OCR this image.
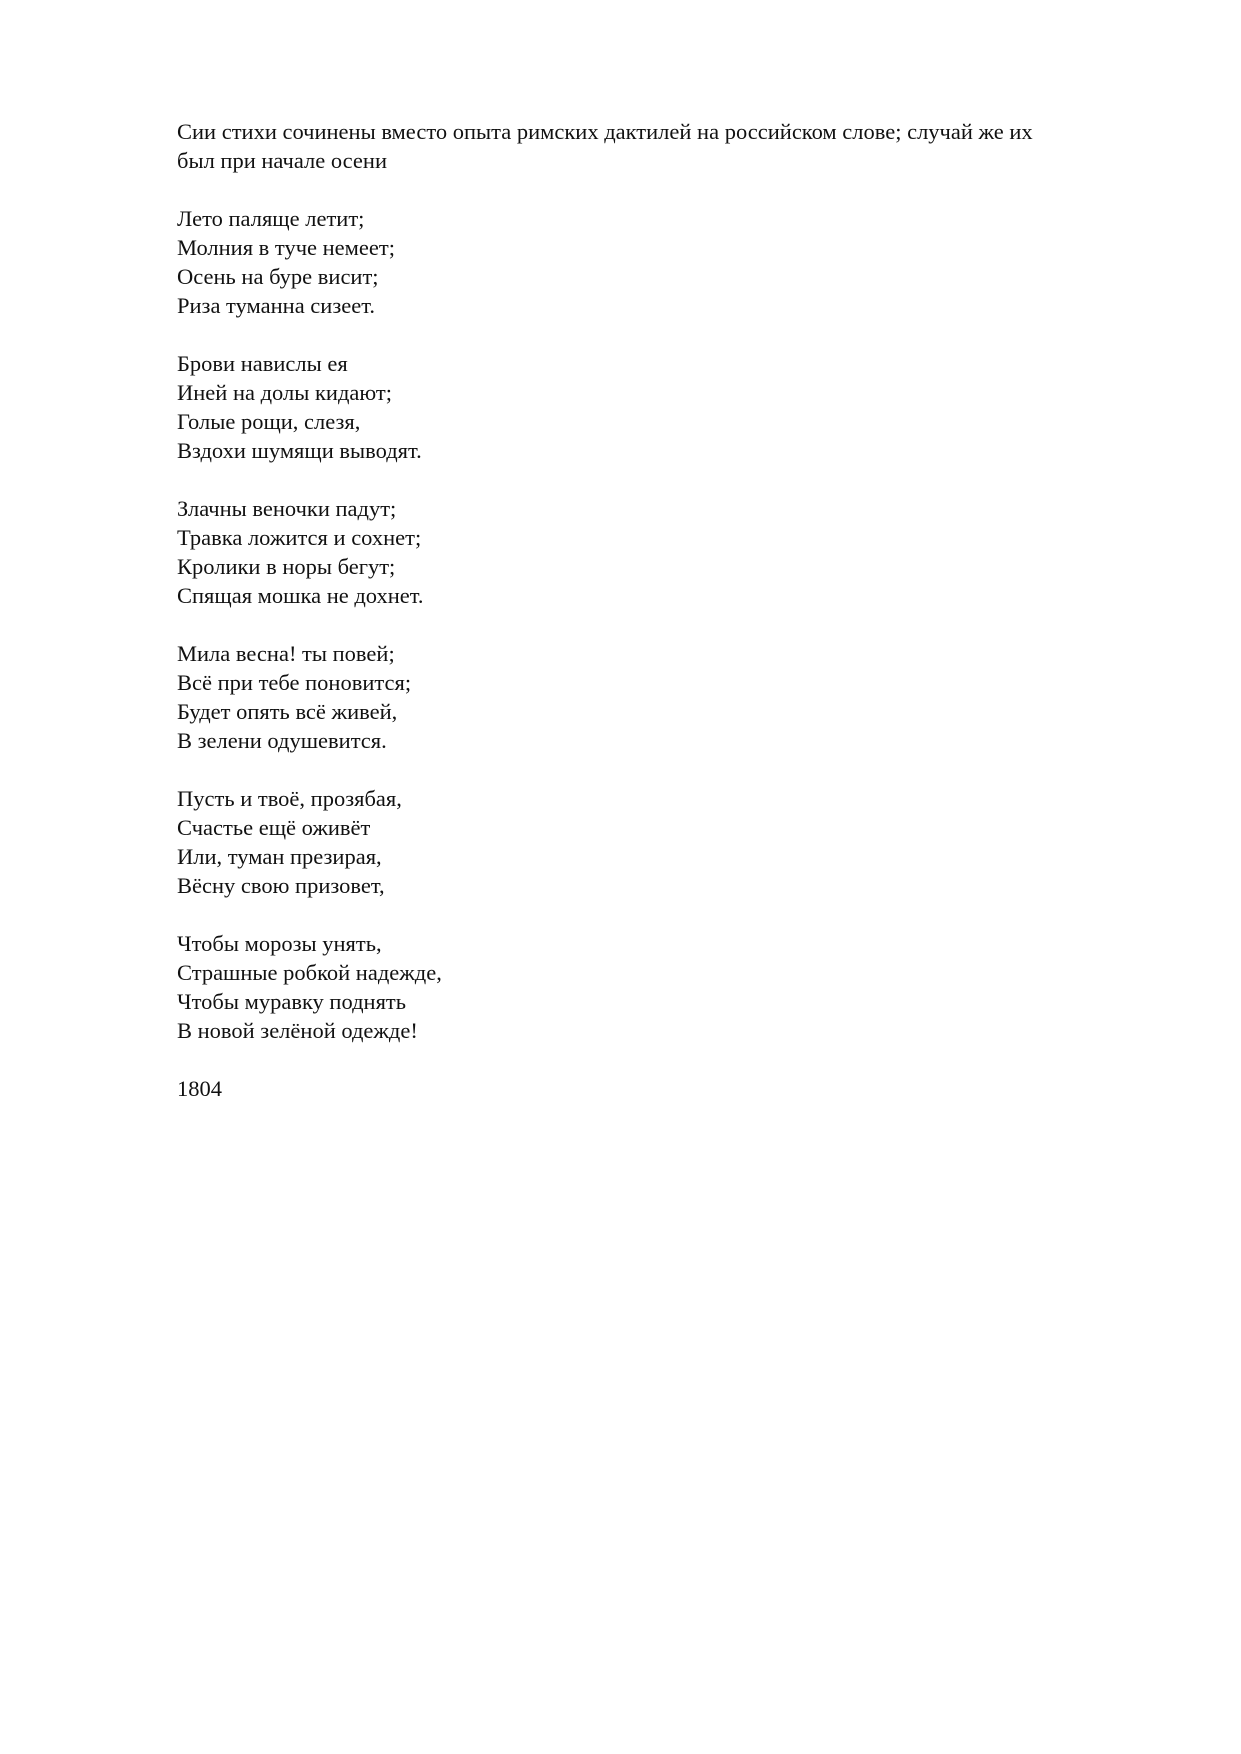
Сии стихи сочинены вместо опыта римских дактилей на российском слове; случай же их
был при начале осени

Лето паляще летит;
Молния в туче немеет;
Осень на буре висит;
Риза туманна сизеет.
Брови навислы ея
Иней на долы кидают;
Голые рощи, слезя,
Вздохи шумящи выводят.
Злачны веночки падут;
Травка ложится и сохнет;
Кролики в норы бегут;
Спящая мошка не дохнет.
Мила весна! ты повей;
Всё при тебе поновится;
Будет опять всё живей,
В зелени одушевится.
Пусть и твоё, прозябая,
Счастье ещё оживёт
Или, туман презирая,
Вёсну свою призовет,
Чтобы морозы унять,
Страшные робкой надежде,
Чтобы муравку поднять
В новой зелёной одежде!

1804
